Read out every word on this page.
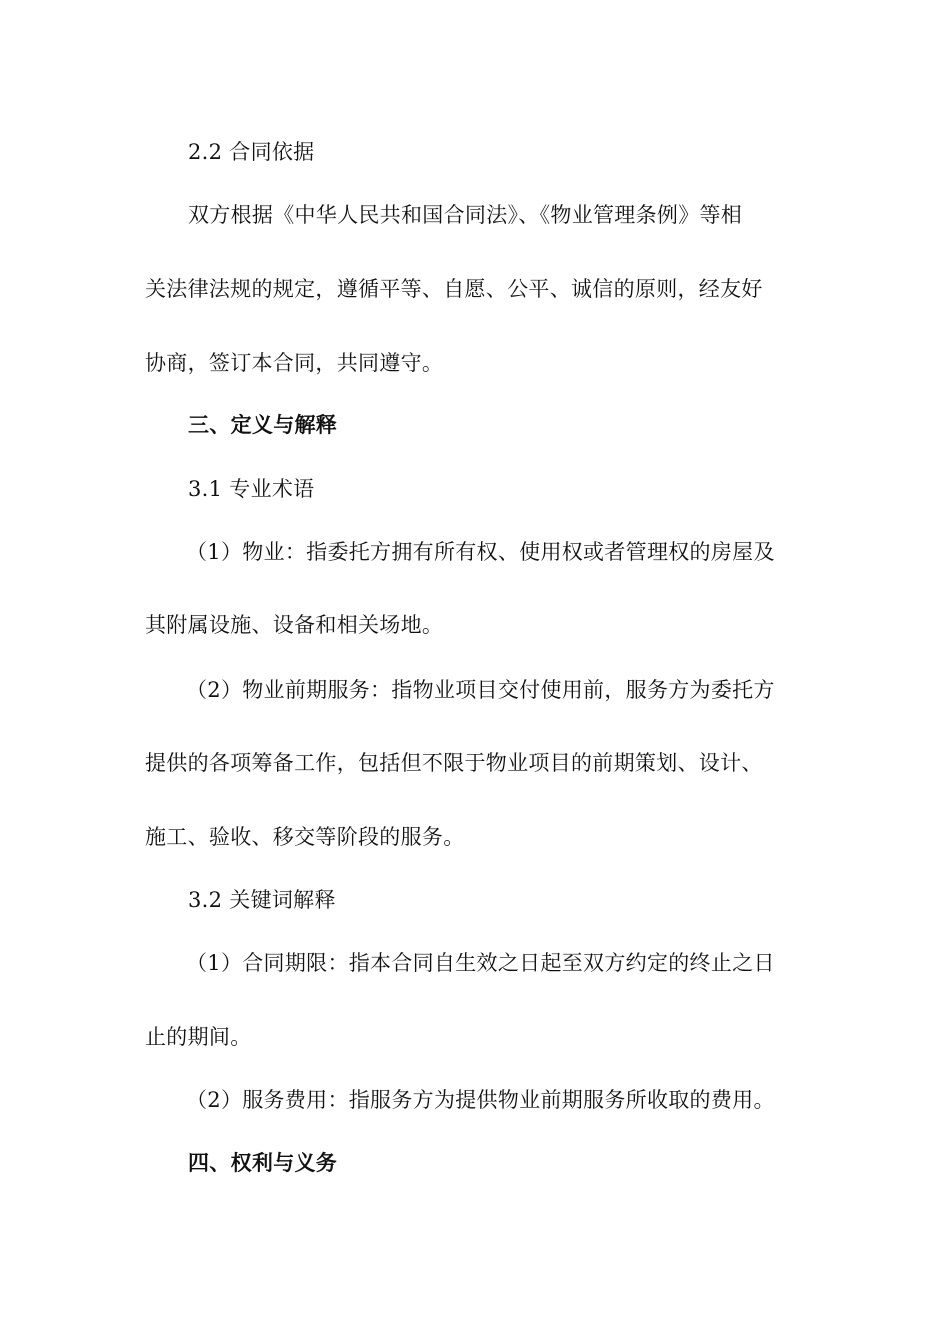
2.2 合同依据
双方根据《中华人民共和国合同法》、《物业管理条例》等相
关法律法规的规定，遵循平等、自愿、公平、诚信的原则，经友好
协商，签订本合同，共同遵守。
三、定义与解释
3.1 专业术语
（1）物业：指委托方拥有所有权、使用权或者管理权的房屋及
其附属设施、设备和相关场地。
（2）物业前期服务：指物业项目交付使用前，服务方为委托方
提供的各项筹备工作，包括但不限于物业项目的前期策划、设计、
施工、验收、移交等阶段的服务。
3.2 关键词解释
（1）合同期限：指本合同自生效之日起至双方约定的终止之日
止的期间。
（2）服务费用：指服务方为提供物业前期服务所收取的费用。
四、权利与义务
